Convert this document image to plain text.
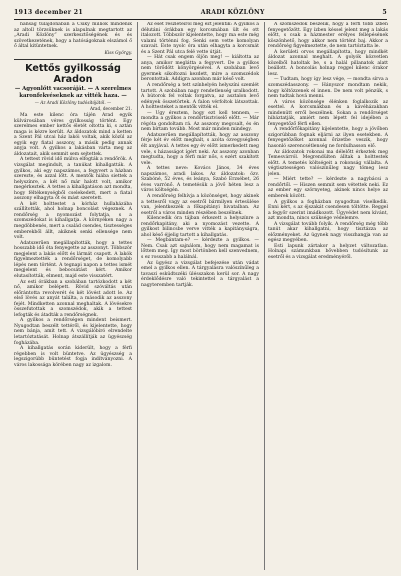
1913 december 21	ARADI KÖZLÖNY	5

hanság tulajdonában a Csiky milliók mindenik az altoll törzsüknek is alapulnak megtartott az „Aradi Közlöny” szerkesztőségének és és szövetkezetének, hogy a hatóságoknak elszámol ő ő által kitüntetnek.

Kiss György.

Kettős gyilkosság Aradon

— Agyonlőtt vacsoráját. — A szerelmes karonfekvéseknek az vitték haza. —

— Az Aradi Közlöny tudósítójától. —

Arad, december 21.

Ma este kilenc óra tájén Arad egyik külvárosában véres gyilkosság történt. Egy szerelmes ember kettős életét oltotta ki, s aztán maga is kézre került. Az áldozatok mind a ketten a Szent Pál utcai ház lakói voltak, akik közül az egyik egy fiatal asszony, a másik pedig annak anyja volt. A gyilkos a lakásban várta meg az áldozatait, akik semmit sem sejtettek.

A tettest rövid idő múlva elfogták a rendőrök. A vizsgálat megindult, a tanúkat kihallgatták. A gyilkos, aki egy napszámos, a fegyvert a házban szerezte, és azzal lőtt. A mentők hiába siettek a helyszínre, a két nő már halott volt, amikor megérkeztek. A tettes a kihallgatáson azt mondta, hogy féltékenységből cselekedett, mert a fiatal asszony elhagyta őt és mást szeretett.

A két holttestet a kórház hullaházába szállították, ahol holnap boncolást végeznek. A rendőrség a nyomozást folytatja, s a szomszédokat is kihallgatja. A környéken nagy a megdöbbenés, mert a család csendes, tisztességes emberekből állt, akiknek senki ellensége nem volt.

Adatszerűen megállapították, hogy a tettes hosszabb idő óta fenyegette az asszonyt. Többször megjelent a lakás előtt és lármát csapott. A lakók figyelmeztették a rendőrséget, de komolyabb lépés nem történt. A tegnapi napon a tettes ismét megjelent és bebocsátást kért. Amikor elutasították, elment, majd este visszatért.

Az esti órákban a szobában tartózkodott a két nő, amikor belépett. Rövid szóváltás után előrántotta revolverét és két lövést adott le. Az első lövés az anyát találta, a második az asszony fejét. Mindketten azonnal meghaltak. A lövésekre összefutottak a szomszédok, akik a tettest lefogták és átadták a rendőrségnek.

A gyilkos a rendőrségen mindent beismert. Nyugodtan beszélt tettéről, és kijelentette, hogy nem bánja, amit tett. A vizsgálóbíró elrendelte letartóztatását. Holnap átszállítják az ügyészség fogházába.

A kihallgatás során kiderült, hogy a férfi régebben is volt büntetve. Az ügyészség a legszigorúbb büntetést fogja indítványozni. A város lakossága körében nagy az izgalom.

Az eset részleteiről még ezt jelentik: A gyilkos a délutáni órákban egy korcsmában ült és ott italozott. Többször kijelentette, hogy ma este még valami történni fog. Senki sem vette komolyan szavait. Este nyolc óra után elhagyta a korcsmát és a Szent Pál utca felé vette útját.

— Hát csak engem öljön meg! — kiáltotta az anya, amikor meglátta a fegyvert. De a gyilkos nem törődött könyörgésével. A szobában levő gyermek sikoltozni kezdett, mire a szomszédok berontottak. Addigra azonban már késő volt.

A rendőrség a tett színhelyén helyszíni szemlét tartott. A szobában nagy rendetlenség uralkodott. A bútorok fel voltak forgatva, az asztalon levő edények összetörtek. A falon vérfoltok látszottak. A holttesteket a mentők vitték el.

— Ugy éreztem, hogy ezt kell tennem, — mondta a gyilkos a rendőrtisztviselő előtt. — Már régóta gondoltam rá. Az asszony megcsalt, és én nem bírtam tovább. Most már minden mindegy.

Adatszerűen megállapították, hogy az asszony férje két év előtt meghalt, s azóta özvegységben élt anyjával. A tettes egy év előtt ismerkedett meg vele, s házasságot ígért neki. Az asszony azonban megtudta, hogy a férfi már nős, s ezért szakított vele.

A tettes neve: Kovács János, 34 éves napszámos, aradi lakos. Az áldozatok: özv. Szabóné, 52 éves, és leánya, Szabó Erzsébet, 26 éves varrónő. A temetésük a jövő héten lesz a város költségén.

A rendőrség felhívja a közönséget, hogy akinek a tettesről vagy az esetről bármilyen értesülése van, jelentkezzék a főkapitányi hivatalban. Az esetről a város minden részében beszélnek.

Kilencedik óra tájban érkezett a helyszínre a rendőrkapitány, aki a nyomozást vezette. A gyilkost bilincsbe verve vitték a kapitányságra, ahol késő éjjelig tartott a kihallgatás.

— Megbántam-e? — kérdezte a gyilkos. — Nem. Csak azt sajnálom, hogy nem magamat is lőttem meg. Így most börtönben kell szenvednem, s ez rosszabb a halálnál.

Az ügyész a vizsgálat befejezése után vádat emel a gyilkos ellen. A tárgyalásra valószínűleg a tavaszi esküdtszéki ülésszakon kerül sor. A nagy érdeklődésre való tekintettel a tárgyalást a nagyteremben tartják.

A szomszédok beszélik, hogy a férfi több ízben fenyegetőzött. Egy ízben késsel jelent meg a lakás előtt, s csak a házmester erélyes fellépésének köszönhető, hogy akkor nem történt baj. Akkor a rendőrség figyelmeztette, de nem tartóztatta le.

A kerületi orvos megállapította, hogy mindkét áldozat azonnal meghalt. A golyók közvetlen közelből hatoltak be, s a halál pillanatok alatt beállott. A boncolás holnap reggel kilenc órakor lesz.

— Tudtam, hogy így lesz vége, — mondta sírva a szomszédasszony. — Hányszor mondtam nekik, hogy költözzenek el innen. De nem volt pénzük, s nem tudtak hová menni.

A város közönsége élénken foglalkozik az esettel. A korcsmákban és a kávéházakban mindenütt erről beszélnek. Sokan a rendőrséget hibáztatják, amiért nem lépett fel idejében a fenyegetőző férfi ellen.

A rendőrfőkapitány kijelentette, hogy a jövőben szigorúbban fognak eljárni az ilyen esetekben. A fenyegetőzőket azonnal őrizetbe veszik, hogy hasonló szerencsétlenség ne fordulhasson elő.

Az áldozatok rokonai ma délelőtt érkeztek meg Temesvárról. Megrendülten álltak a holttestek előtt. A temetés költségeit a rokonság vállalta. A végtisztességen valószínűleg nagy tömeg lesz jelen.

— Miért tette? — kérdezte a nagybácsi a rendőrtől. — Hiszen semmit sem vétettek neki. Ez az ember egy szörnyeteg, akinek nincs helye az emberek között.

A gyilkos a fogházban nyugodtan viselkedik. Enni kért, s az éjszakát csendesen töltötte. Reggel a fegyőr szerint imádkozott. Ügyvédet nem kívánt, azt mondta, nincs szüksége védelemre.

A vizsgálat tovább folyik. A rendőrség még több tanút akar kihallgatni, hogy tisztázza az előzményeket. Az ügynek nagy visszhangja van az egész megyében.

Esti lapunk zártakor a helyzet változatlan. Holnapi számunkban bővebben tudósítunk az esetről és a vizsgálat eredményéről.
